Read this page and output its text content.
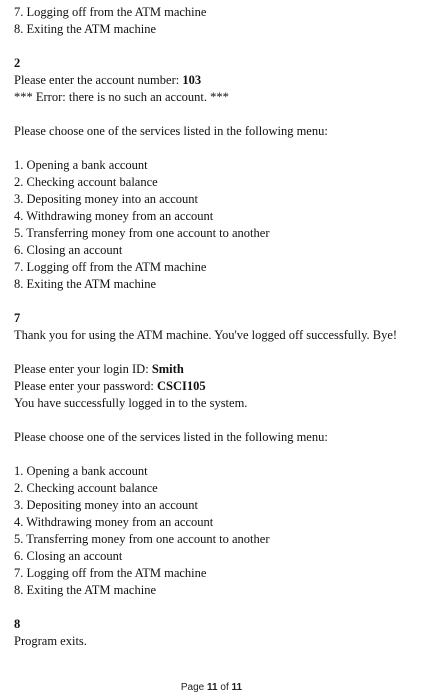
7. Logging off from the ATM machine
8. Exiting the ATM machine
2
Please enter the account number: 103
*** Error: there is no such an account. ***
Please choose one of the services listed in the following menu:
1. Opening a bank account
2. Checking account balance
3. Depositing money into an account
4. Withdrawing money from an account
5. Transferring money from one account to another
6. Closing an account
7. Logging off from the ATM machine
8. Exiting the ATM machine
7
Thank you for using the ATM machine. You've logged off successfully. Bye!
Please enter your login ID: Smith
Please enter your password: CSCI105
You have successfully logged in to the system.
Please choose one of the services listed in the following menu:
1. Opening a bank account
2. Checking account balance
3. Depositing money into an account
4. Withdrawing money from an account
5. Transferring money from one account to another
6. Closing an account
7. Logging off from the ATM machine
8. Exiting the ATM machine
8
Program exits.
Page 11 of 11
